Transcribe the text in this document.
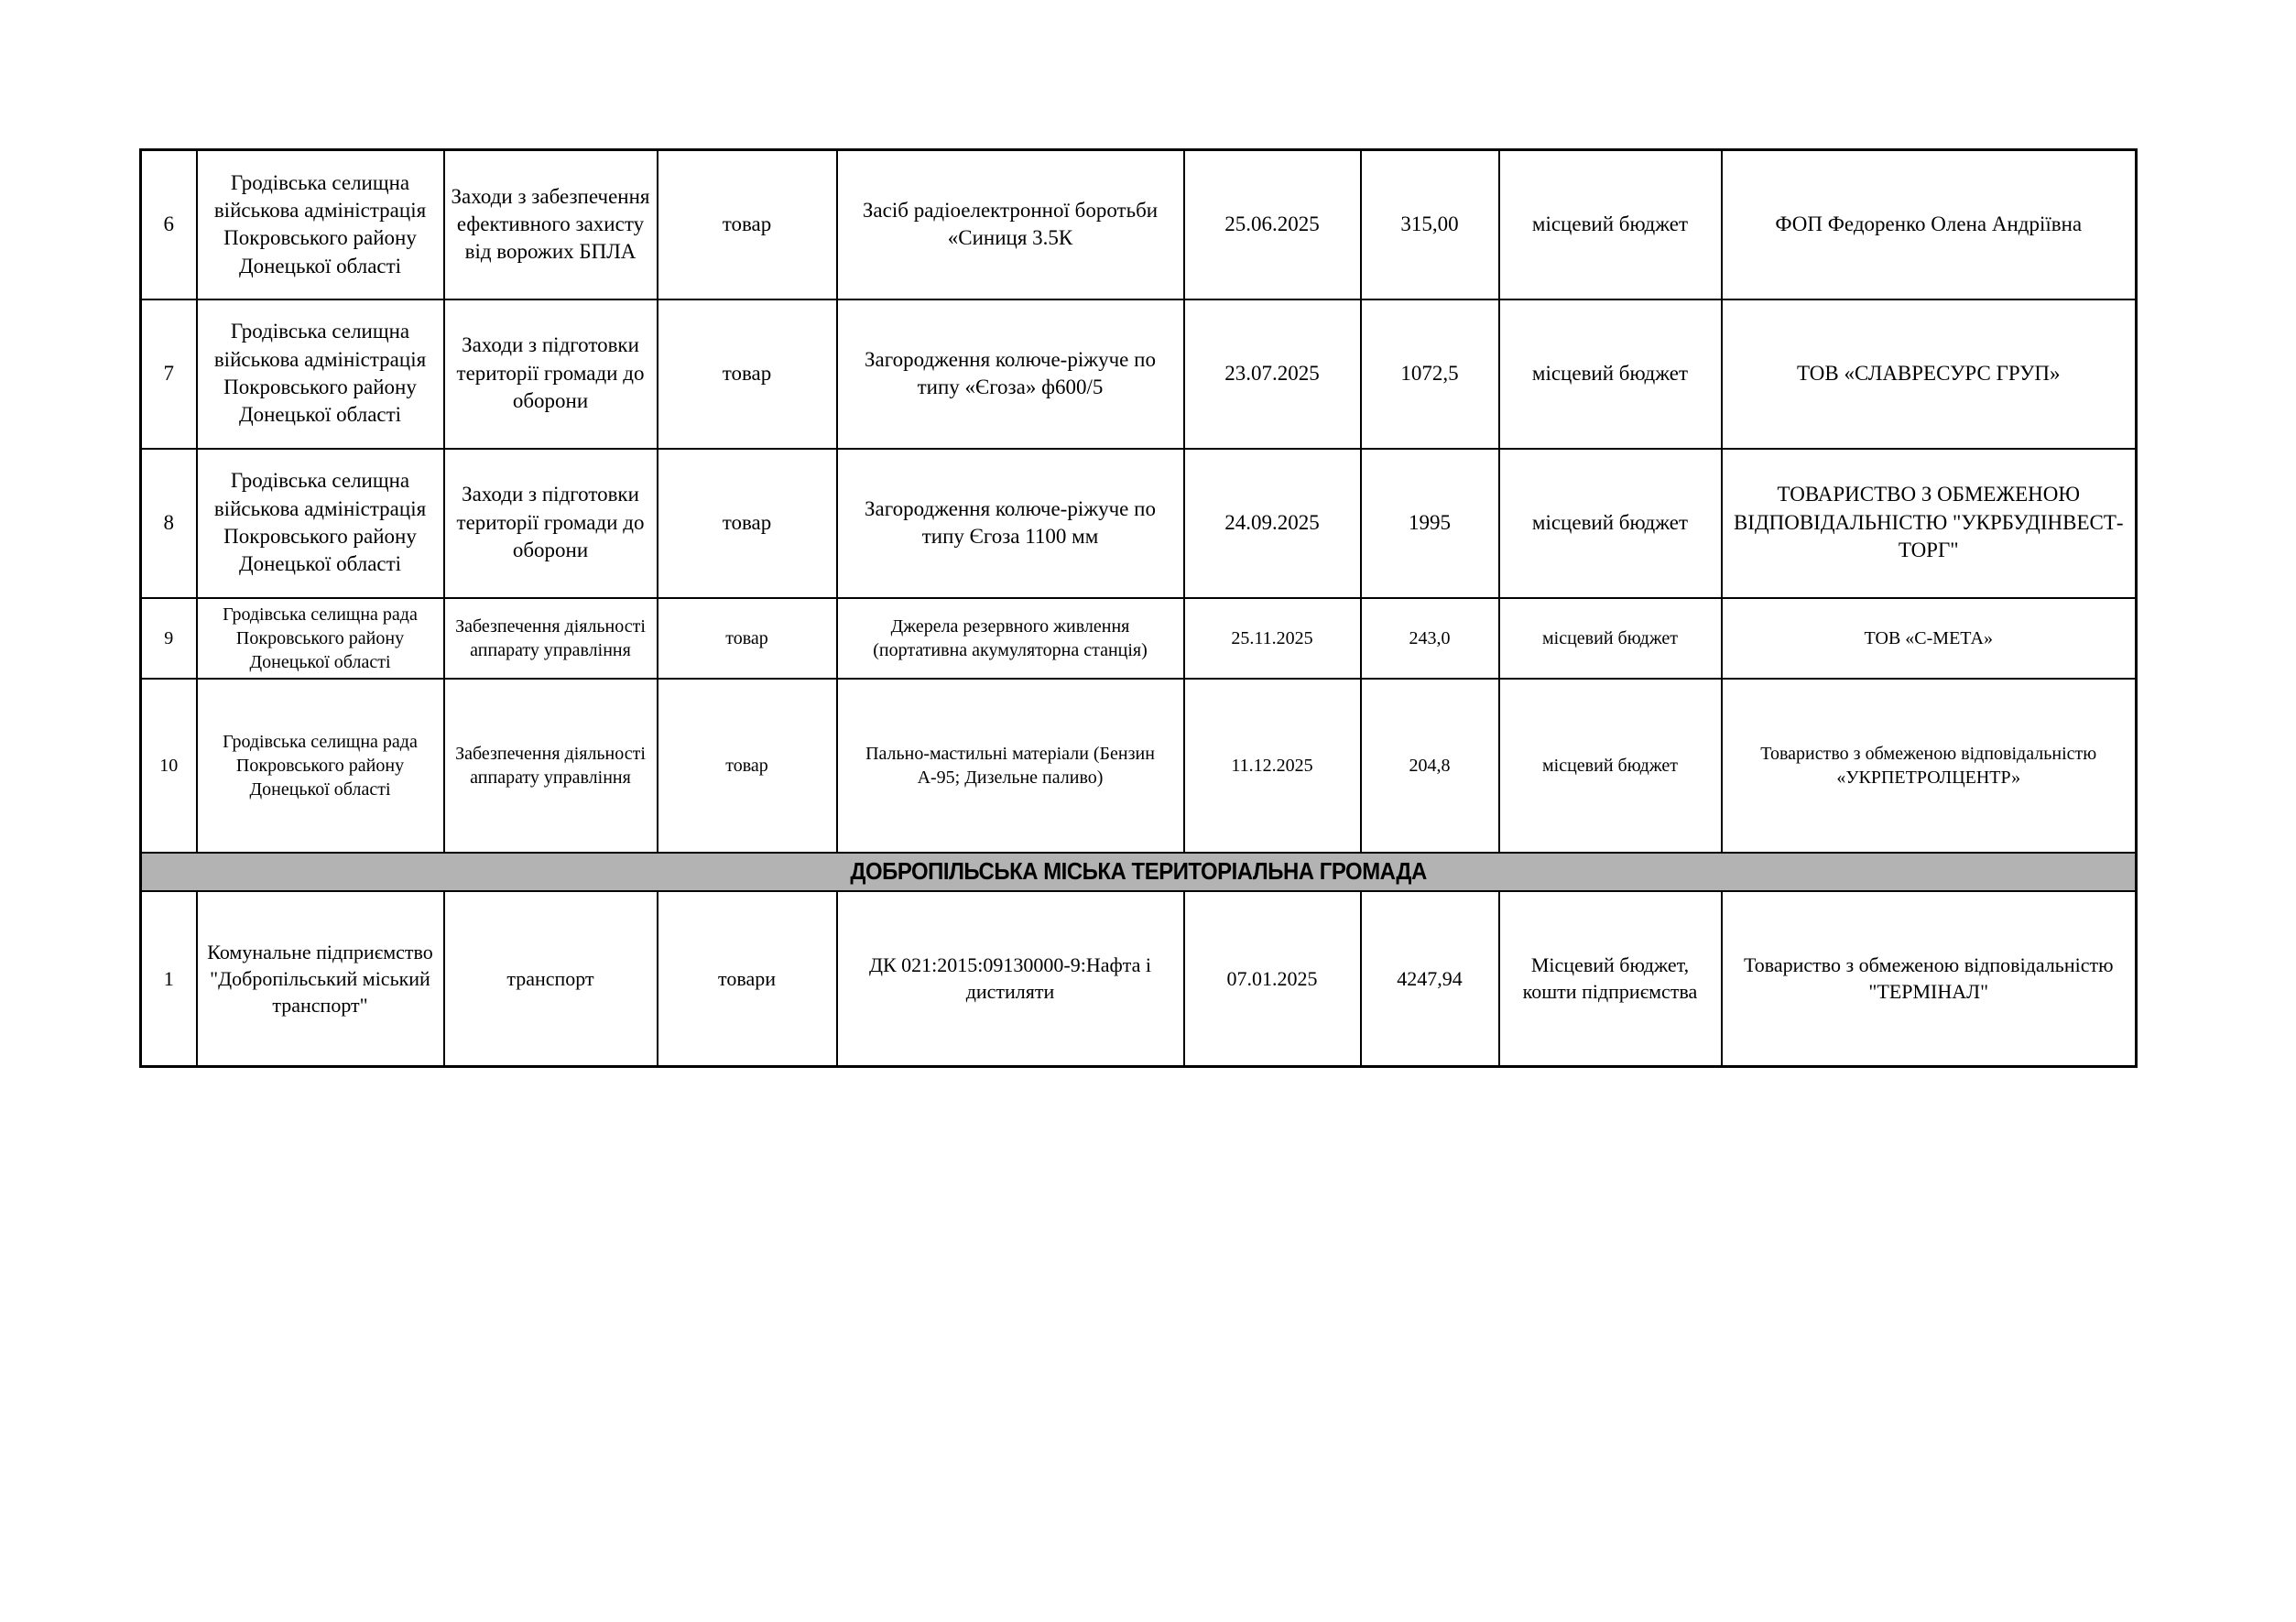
6	Гродівська селищна військова адміністрація Покровського району Донецької області	Заходи з забезпечення ефективного захисту від ворожих БПЛА	товар	Засіб радіоелектронної боротьби «Синиця 3.5К	25.06.2025	315,00	місцевий бюджет	ФОП Федоренко Олена Андріївна
7	Гродівська селищна військова адміністрація Покровського району Донецької області	Заходи з підготовки території громади до оборони	товар	Загородження колюче-ріжуче по типу «Єгоза» ф600/5	23.07.2025	1072,5	місцевий бюджет	ТОВ «СЛАВРЕСУРС ГРУП»
8	Гродівська селищна військова адміністрація Покровського району Донецької області	Заходи з підготовки території громади до оборони	товар	Загородження колюче-ріжуче по типу Єгоза 1100 мм	24.09.2025	1995	місцевий бюджет	ТОВАРИСТВО З ОБМЕЖЕНОЮ ВІДПОВІДАЛЬНІСТЮ "УКРБУДІНВЕСТ-ТОРГ"
9	Гродівська селищна рада Покровського району Донецької області	Забезпечення діяльності аппарату управління	товар	Джерела резервного живлення (портативна акумуляторна станція)	25.11.2025	243,0	місцевий бюджет	ТОВ «С-МЕТА»
10	Гродівська селищна рада Покровського району Донецької області	Забезпечення діяльності аппарату управління	товар	Пально-мастильні матеріали (Бензин А-95; Дизельне паливо)	11.12.2025	204,8	місцевий бюджет	Товариство з обмеженою відповідальністю «УКРПЕТРОЛЦЕНТР»
ДОБРОПІЛЬСЬКА МІСЬКА ТЕРИТОРІАЛЬНА ГРОМАДА								
1	Комунальне підприємство "Добропільський міський транспорт"	транспорт	товари	ДК 021:2015:09130000-9:Нафта і дистиляти	07.01.2025	4247,94	Місцевий бюджет, кошти підприємства	Товариство з обмеженою відповідальністю "ТЕРМІНАЛ"
